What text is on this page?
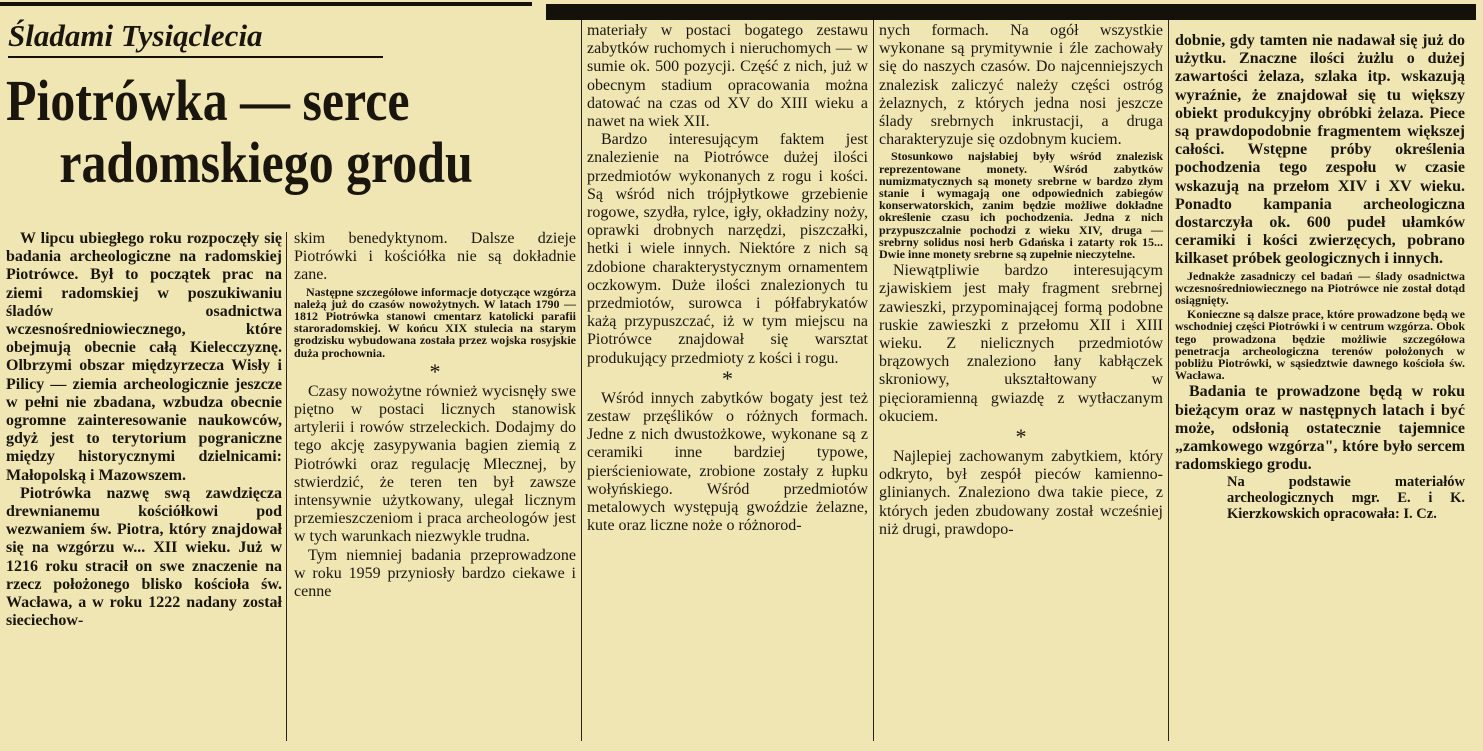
Śladami Tysiąclecia
Piotrówka — serce
radomskiego grodu

W lipcu ubiegłego roku rozpoczęły się badania archeologiczne na radomskiej Piotrówce. Był to początek prac na ziemi radomskiej w poszukiwaniu śladów osadnictwa wczesnośredniowiecznego, które obejmują obecnie całą Kielecczyznę. Olbrzymi obszar międzyrzecza Wisły i Pilicy — ziemia archeologicznie jeszcze w pełni nie zbadana, wzbudza obecnie ogromne zainteresowanie naukowców, gdyż jest to terytorium pograniczne między historycznymi dzielnicami: Małopolską i Mazowszem.

Piotrówka nazwę swą zawdzięcza drewnianemu kościółkowi pod wezwaniem św. Piotra, który znajdował się na wzgórzu w... XII wieku. Już w 1216 roku stracił on swe znaczenie na rzecz położonego blisko kościoła św. Wacława, a w roku 1222 nadany został sieciechow-

skim benedyktynom. Dalsze dzieje Piotrówki i kościółka nie są dokładnie zane.

Następne szczegółowe informacje dotyczące wzgórza należą już do czasów nowożytnych. W latach 1790 — 1812 Piotrówka stanowi cmentarz katolicki parafii staroradomskiej. W końcu XIX stulecia na starym grodzisku wybudowana została przez wojska rosyjskie duża prochownia.

*

Czasy nowożytne również wycisnęły swe piętno w postaci licznych stanowisk artylerii i rowów strzeleckich. Dodajmy do tego akcję zasypywania bagien ziemią z Piotrówki oraz regulację Mlecznej, by stwierdzić, że teren ten był zawsze intensywnie użytkowany, ulegał licznym przemieszczeniom i praca archeologów jest w tych warunkach niezwykle trudna.

Tym niemniej badania przeprowadzone w roku 1959 przyniosły bardzo ciekawe i cenne

materiały w postaci bogatego zestawu zabytków ruchomych i nieruchomych — w sumie ok. 500 pozycji. Część z nich, już w obecnym stadium opracowania można datować na czas od XV do XIII wieku a nawet na wiek XII.

Bardzo interesującym faktem jest znalezienie na Piotrówce dużej ilości przedmiotów wykonanych z rogu i kości. Są wśród nich trójpłytkowe grzebienie rogowe, szydła, rylce, igły, okładziny noży, oprawki drobnych narzędzi, piszczałki, hetki i wiele innych. Niektóre z nich są zdobione charakterystycznym ornamentem oczkowym. Duże ilości znalezionych tu przedmiotów, surowca i półfabrykatów każą przypuszczać, iż w tym miejscu na Piotrówce znajdował się warsztat produkujący przedmioty z kości i rogu.

*

Wśród innych zabytków bogaty jest też zestaw przęślików o różnych formach. Jedne z nich dwustożkowe, wykonane są z ceramiki inne bardziej typowe, pierścieniowate, zrobione zostały z łupku wołyńskiego. Wśród przedmiotów metalowych występują gwoździe żelazne, kute oraz liczne noże o różnorod-

nych formach. Na ogół wszystkie wykonane są prymitywnie i źle zachowały się do naszych czasów. Do najcenniejszych znalezisk zaliczyć należy części ostróg żelaznych, z których jedna nosi jeszcze ślady srebrnych inkrustacji, a druga charakteryzuje się ozdobnym kuciem.

Stosunkowo najsłabiej były wśród znalezisk reprezentowane monety. Wśród zabytków numizmatycznych są monety srebrne w bardzo złym stanie i wymagają one odpowiednich zabiegów konserwatorskich, zanim będzie możliwe dokładne określenie czasu ich pochodzenia. Jedna z nich przypuszczalnie pochodzi z wieku XIV, druga — srebrny solidus nosi herb Gdańska i zatarty rok 15... Dwie inne monety srebrne są zupełnie nieczytelne.

Niewątpliwie bardzo interesującym zjawiskiem jest mały fragment srebrnej zawieszki, przypominającej formą podobne ruskie zawieszki z przełomu XII i XIII wieku. Z nielicznych przedmiotów brązowych znaleziono łany kabłączek skroniowy, ukształtowany w pięcioramienną gwiazdę z wytłaczanym okuciem.

*

Najlepiej zachowanym zabytkiem, który odkryto, był zespół pieców kamiennoglinianych. Znaleziono dwa takie piece, z których jeden zbudowany został wcześniej niż drugi, prawdopo-

dobnie, gdy tamten nie nadawał się już do użytku. Znaczne ilości żużlu o dużej zawartości żelaza, szlaka itp. wskazują wyraźnie, że znajdował się tu większy obiekt produkcyjny obróbki żelaza. Piece są prawdopodobnie fragmentem większej całości. Wstępne próby określenia pochodzenia tego zespołu w czasie wskazują na przełom XIV i XV wieku. Ponadto kampania archeologiczna dostarczyła ok. 600 pudeł ułamków ceramiki i kości zwierzęcych, pobrano kilkaset próbek geologicznych i innych.

Jednakże zasadniczy cel badań — ślady osadnictwa wczesnośredniowiecznego na Piotrówce nie został dotąd osiągnięty.

Konieczne są dalsze prace, które prowadzone będą we wschodniej części Piotrówki i w centrum wzgórza. Obok tego prowadzona będzie możliwie szczegółowa penetracja archeologiczna terenów położonych w pobliżu Piotrówki, w sąsiedztwie dawnego kościoła św. Wacława.

Badania te prowadzone będą w roku bieżącym oraz w następnych latach i być może, odsłonią ostatecznie tajemnice „zamkowego wzgórza", które było sercem radomskiego grodu.

Na podstawie materiałów archeologicznych mgr. E. i K. Kierzkowskich opracowała: I. Cz.
